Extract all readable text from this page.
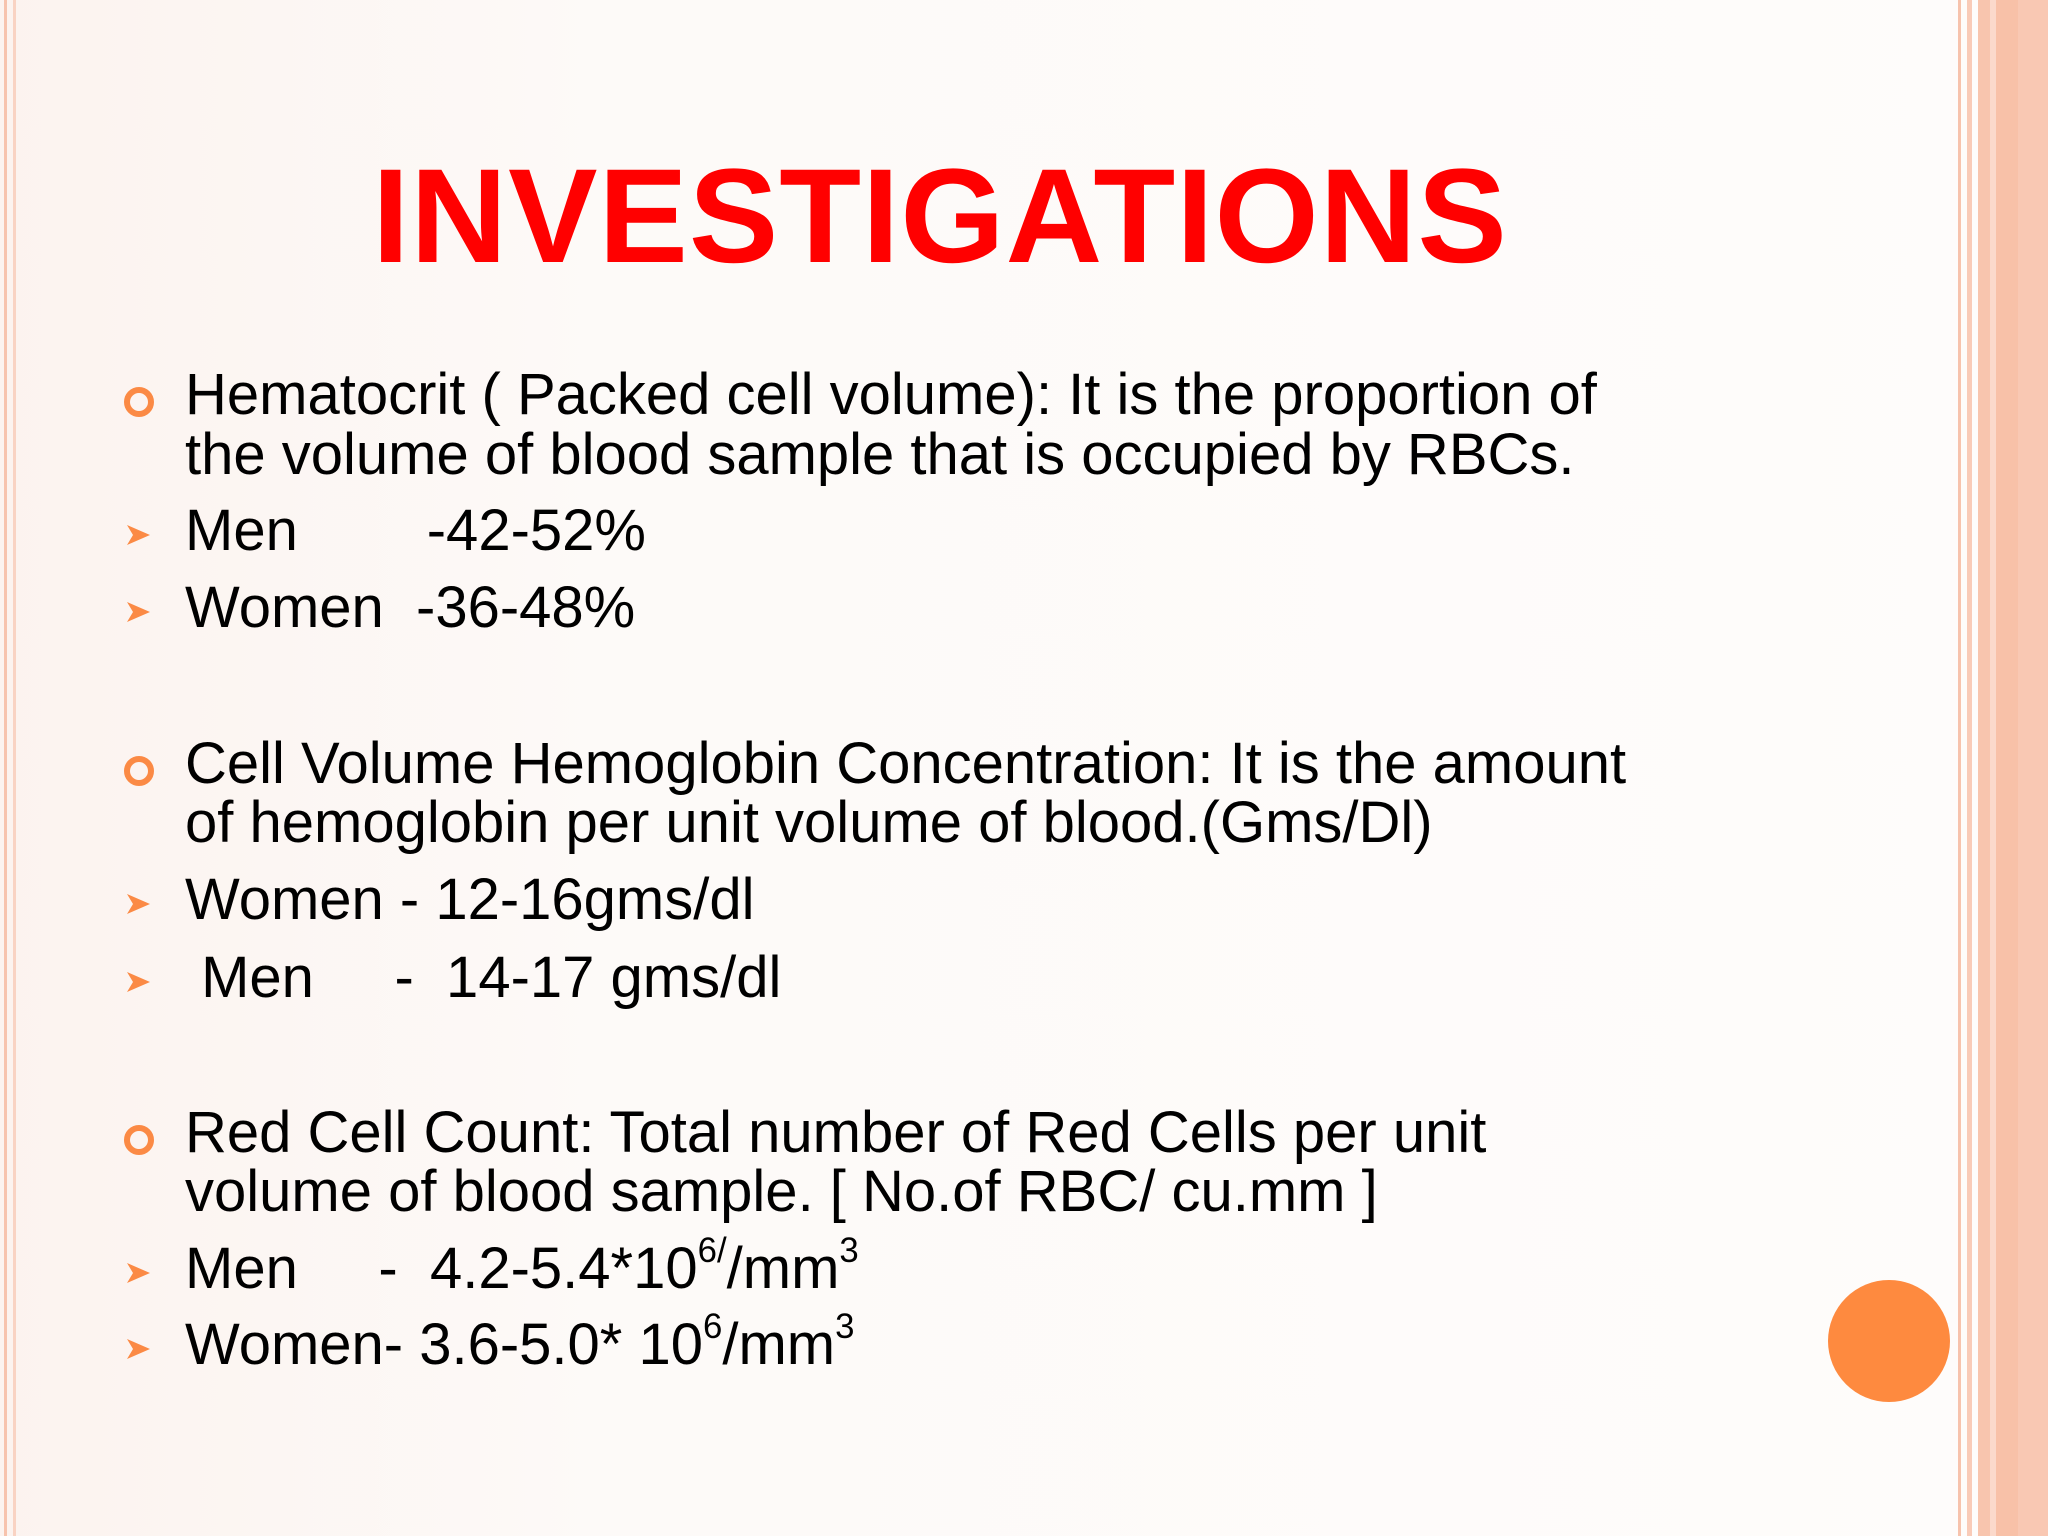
INVESTIGATIONS
Hematocrit ( Packed cell volume): It is the proportion of
the volume of blood sample that is occupied by RBCs.
Men        -42-52%
Women  -36-48%
Cell Volume Hemoglobin Concentration: It is the amount
of hemoglobin per unit volume of blood.(Gms/Dl)
Women - 12-16gms/dl
Men     -  14-17 gms/dl
Red Cell Count: Total number of Red Cells per unit
volume of blood sample. [ No.of RBC/ cu.mm ]
Men     -  $4.2-5.4*10^{6/}/mm^3$
Women- 3.6-5.0* $10^6/mm^3$
